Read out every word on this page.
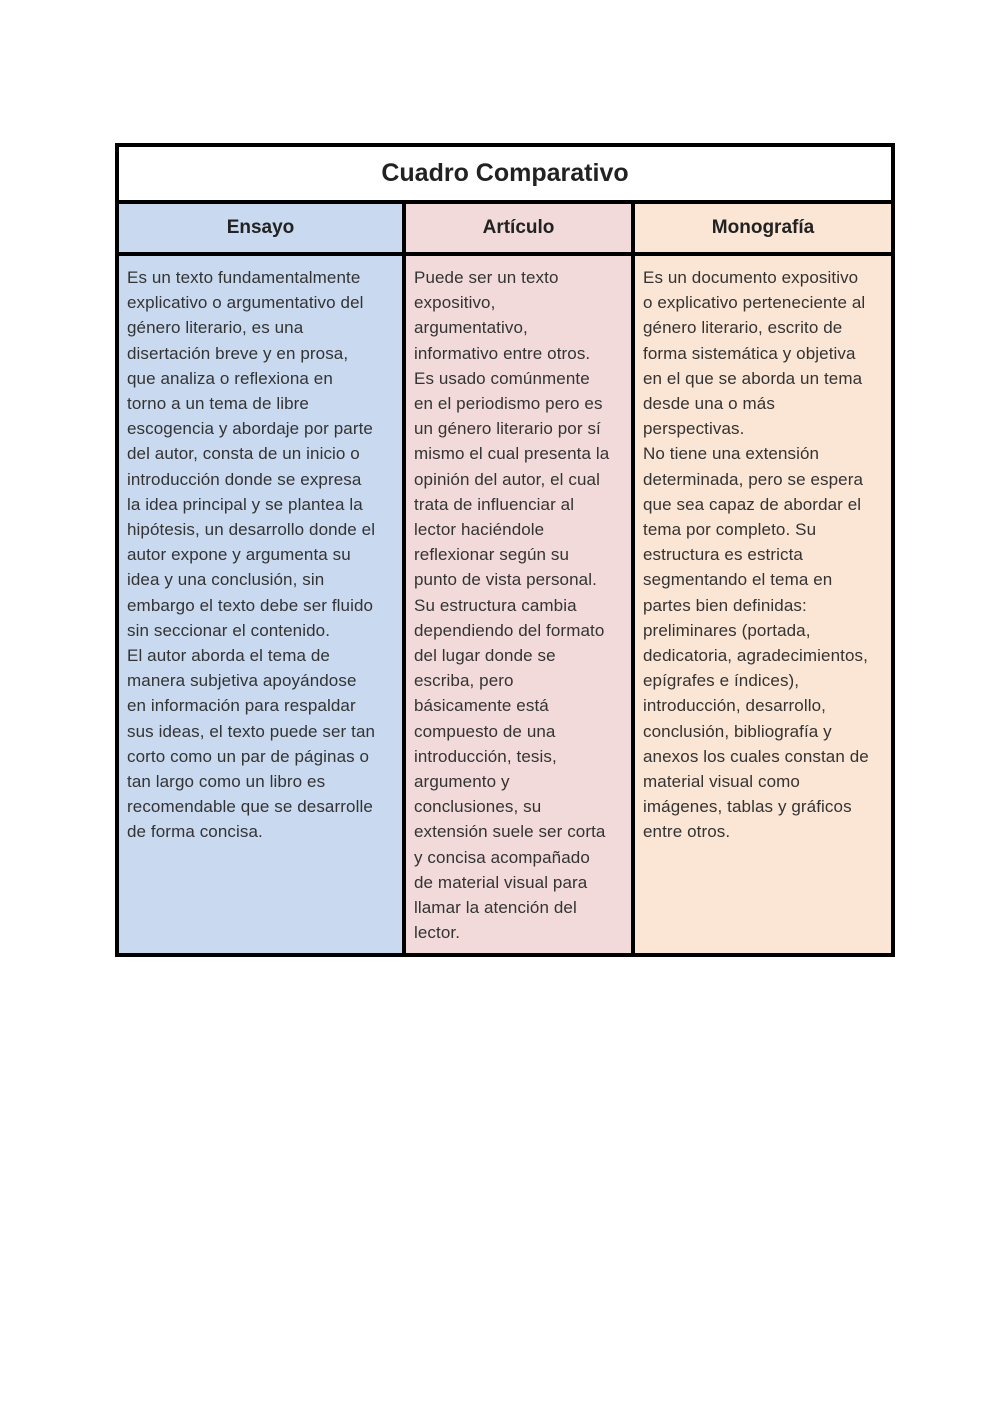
Cuadro Comparativo
Ensayo	Artículo	Monografía
Es un texto fundamentalmente
explicativo o argumentativo del
género literario, es una
disertación breve y en prosa,
que analiza o reflexiona en
torno a un tema de libre
escogencia y abordaje por parte
del autor, consta de un inicio o
introducción donde se expresa
la idea principal y se plantea la
hipótesis, un desarrollo donde el
autor expone y argumenta su
idea y una conclusión, sin
embargo el texto debe ser fluido
sin seccionar el contenido.
El autor aborda el tema de
manera subjetiva apoyándose
en información para respaldar
sus ideas, el texto puede ser tan
corto como un par de páginas o
tan largo como un libro es
recomendable que se desarrolle
de forma concisa.
Puede ser un texto
expositivo,
argumentativo,
informativo entre otros.
Es usado comúnmente
en el periodismo pero es
un género literario por sí
mismo el cual presenta la
opinión del autor, el cual
trata de influenciar al
lector haciéndole
reflexionar según su
punto de vista personal.
Su estructura cambia
dependiendo del formato
del lugar donde se
escriba, pero
básicamente está
compuesto de una
introducción, tesis,
argumento y
conclusiones, su
extensión suele ser corta
y concisa acompañado
de material visual para
llamar la atención del
lector.
Es un documento expositivo
o explicativo perteneciente al
género literario, escrito de
forma sistemática y objetiva
en el que se aborda un tema
desde una o más
perspectivas.
No tiene una extensión
determinada, pero se espera
que sea capaz de abordar el
tema por completo. Su
estructura es estricta
segmentando el tema en
partes bien definidas:
preliminares (portada,
dedicatoria, agradecimientos,
epígrafes e índices),
introducción, desarrollo,
conclusión, bibliografía y
anexos los cuales constan de
material visual como
imágenes, tablas y gráficos
entre otros.
